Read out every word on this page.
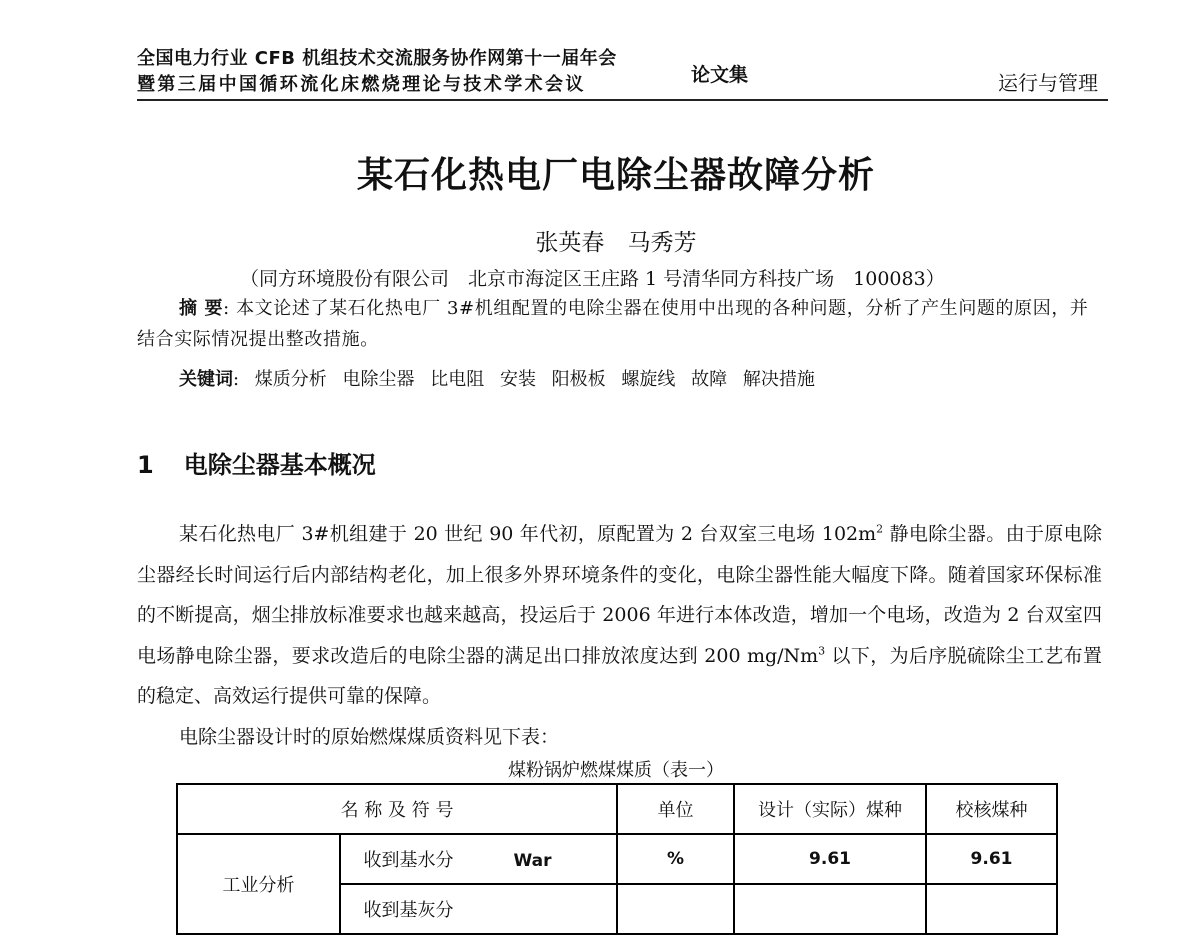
全国电力行业 CFB 机组技术交流服务协作网第十一届年会
暨第三届中国循环流化床燃烧理论与技术学术会议	论文集	运行与管理
某石化热电厂电除尘器故障分析
张英春 马秀芳
（同方环境股份有限公司　北京市海淀区王庄路 1 号清华同方科技广场　100083）

摘 要: 本文论述了某石化热电厂 3#机组配置的电除尘器在使用中出现的各种问题，分析了产生问题的原因，并结合实际情况提出整改措施。

关键词: 煤质分析 电除尘器 比电阻 安装 阳极板 螺旋线 故障 解决措施
1 电除尘器基本概况

某石化热电厂 3#机组建于 20 世纪 90 年代初，原配置为 2 台双室三电场 $102m^2$ 静电除尘器。由于原电除尘器经长时间运行后内部结构老化，加上很多外界环境条件的变化，电除尘器性能大幅度下降。随着国家环保标准的不断提高，烟尘排放标准要求也越来越高，投运后于 2006 年进行本体改造，增加一个电场，改造为 2 台双室四电场静电除尘器，要求改造后的电除尘器的满足出口排放浓度达到 200 mg/Nm$^3$ 以下，为后序脱硫除尘工艺布置的稳定、高效运行提供可靠的保障。

电除尘器设计时的原始燃煤煤质资料见下表：

煤粉锅炉燃煤煤质（表一）
名 称 及 符 号		单位	设计（实际）煤种	校核煤种
工业分析	收到基水分 War	%	9.61	9.61
	收到基灰分			
